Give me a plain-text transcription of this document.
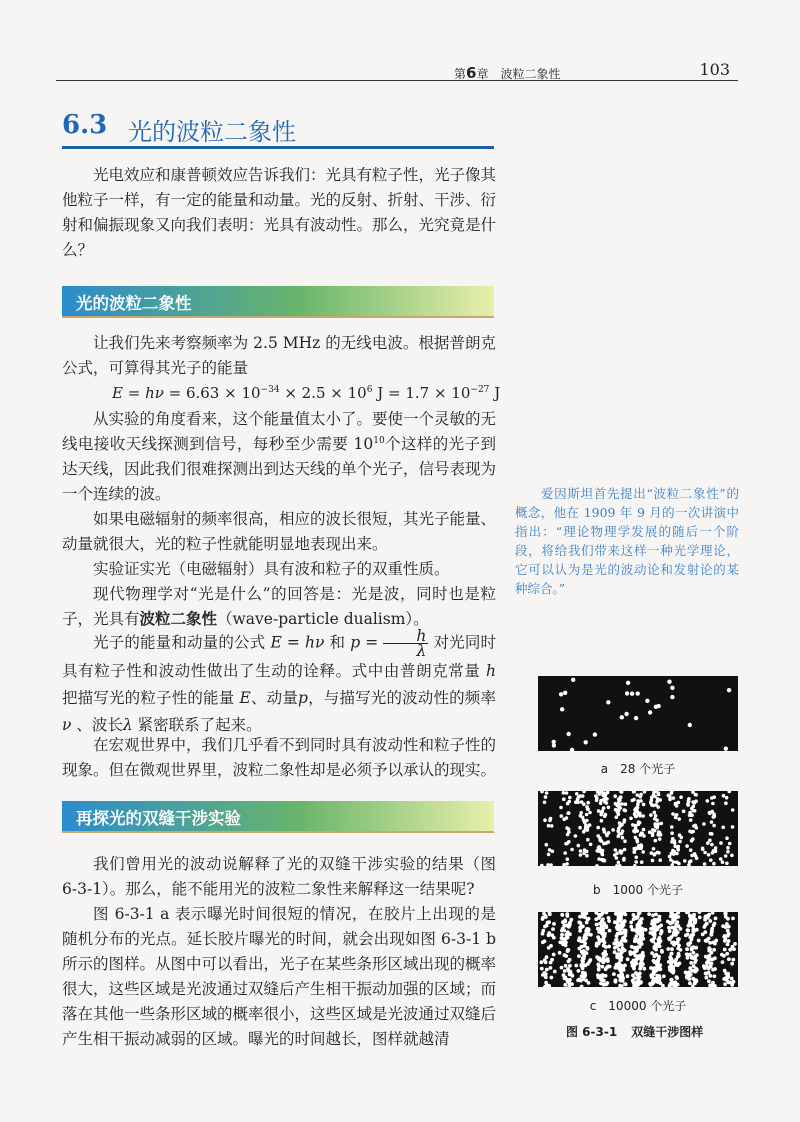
第6章　 波粒二象性	103
6.3 光的波粒二象性

光电效应和康普顿效应告诉我们：光具有粒子性，光子像其他粒子一样，有一定的能量和动量。光的反射、折射、干涉、衍射和偏振现象又向我们表明：光具有波动性。那么，光究竟是什么？

光的波粒二象性

让我们先来考察频率为 2.5 MHz 的无线电波。根据普朗克公式，可算得其光子的能量

$E = h\nu = 6.63 \times 10^{-34} \times 2.5 \times 10^6$ $J = 1.7 \times 10^{-27}$ J

从实验的角度看来，这个能量值太小了。要使一个灵敏的无线电接收天线探测到信号，每秒至少需要 $10^{10}$个这样的光子到达天线，因此我们很难探测出到达天线的单个光子，信号表现为一个连续的波。

如果电磁辐射的频率很高，相应的波长很短，其光子能量、动量就很大，光的粒子性就能明显地表现出来。

实验证实光（电磁辐射）具有波和粒子的双重性质。

现代物理学对“光是什么”的回答是：光是波，同时也是粒子，光具有波粒二象性（wave-particle dualism）。

光子的能量和动量的公式 E = hν 和 $p = \frac{h}{\lambda}$ 对光同时具有粒子性和波动性做出了生动的诠释。式中由普朗克常量 h 把描写光的粒子性的能量 E、动量p，与描写光的波动性的频率 ν 、波长λ 紧密联系了起来。

在宏观世界中，我们几乎看不到同时具有波动性和粒子性的现象。但在微观世界里，波粒二象性却是必须予以承认的现实。

再探光的双缝干涉实验

我们曾用光的波动说解释了光的双缝干涉实验的结果（图 6-3-1）。那么，能不能用光的波粒二象性来解释这一结果呢?

图 6-3-1 a 表示曝光时间很短的情况，在胶片上出现的是随机分布的光点。延长胶片曝光的时间，就会出现如图 6-3-1 b 所示的图样。从图中可以看出，光子在某些条形区域出现的概率很大，这些区域是光波通过双缝后产生相干振动加强的区域；而落在其他一些条形区域的概率很小，这些区域是光波通过双缝后产生相干振动减弱的区域。曝光的时间越长，图样就越清

爱因斯坦首先提出“波粒二象性”的概念，他在 1909 年 9 月的一次讲演中指出：“理论物理学发展的随后一个阶段，将给我们带来这样一种光学理论，它可以认为是光的波动论和发射论的某种综合。”

a　28 个光子
b　1000 个光子
c　10000 个光子
图 6-3-1 双缝干涉图样
